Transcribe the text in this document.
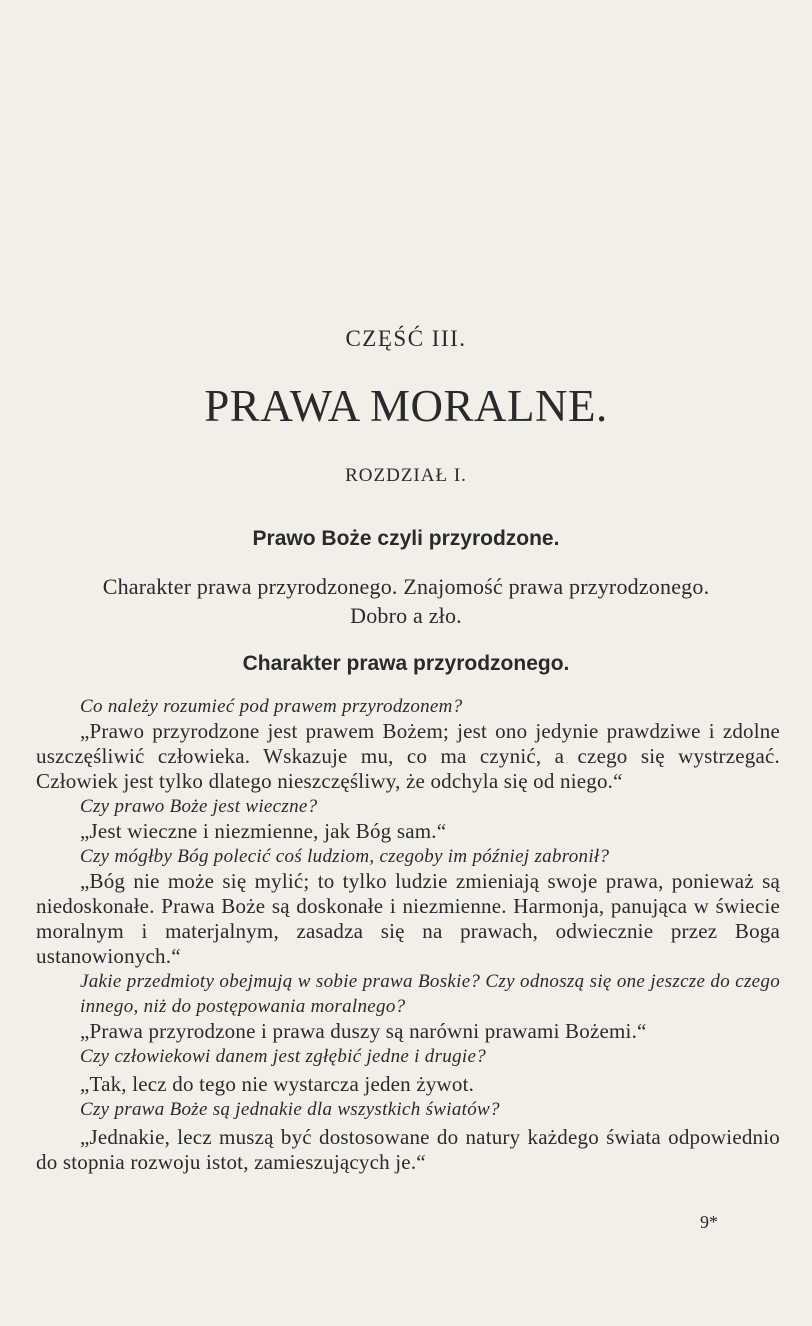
CZĘŚĆ III.
PRAWA MORALNE.
ROZDZIAŁ I.
Prawo Boże czyli przyrodzone.
Charakter prawa przyrodzonego. Znajomość prawa przyrodzonego.
Dobro a zło.
Charakter prawa przyrodzonego.

Co należy rozumieć pod prawem przyrodzonem?

„Prawo przyrodzone jest prawem Bożem; jest ono jedynie prawdziwe i zdolne uszczęśliwić człowieka. Wskazuje mu, co ma czynić, a czego się wystrzegać. Człowiek jest tylko dlatego nieszczęśliwy, że odchyla się od niego.“

Czy prawo Boże jest wieczne?

„Jest wieczne i niezmienne, jak Bóg sam.“

Czy mógłby Bóg polecić coś ludziom, czegoby im później zabronił?

„Bóg nie może się mylić; to tylko ludzie zmieniają swoje prawa, ponieważ są niedoskonałe. Prawa Boże są doskonałe i niezmienne. Harmonja, panująca w świecie moralnym i materjalnym, zasadza się na prawach, odwiecznie przez Boga ustanowionych.“

Jakie przedmioty obejmują w sobie prawa Boskie? Czy odnoszą się one jeszcze do czego innego, niż do postępowania moralnego?

„Prawa przyrodzone i prawa duszy są narówni prawami Bożemi.“

Czy człowiekowi danem jest zgłębić jedne i drugie?

„Tak, lecz do tego nie wystarcza jeden żywot.

Czy prawa Boże są jednakie dla wszystkich światów?

„Jednakie, lecz muszą być dostosowane do natury każdego świata odpowiednio do stopnia rozwoju istot, zamieszujących je.“

9*
